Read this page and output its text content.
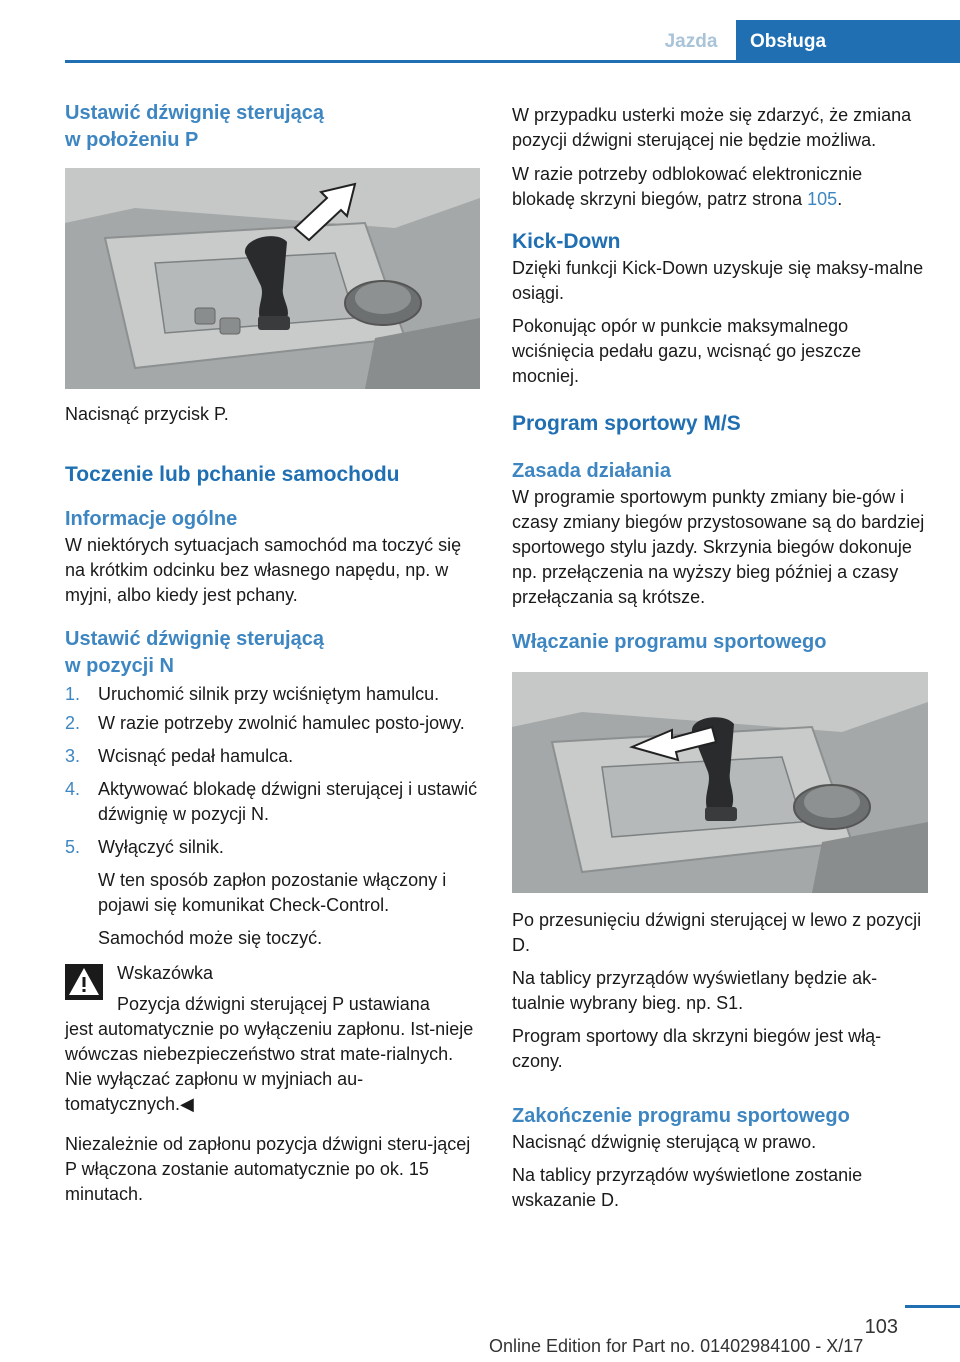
Jazda	Obsługa
Ustawić dźwignię sterującą
w położeniu P

Nacisnąć przycisk P.

Toczenie lub pchanie samochodu
Informacje ogólne

W niektórych sytuacjach samochód ma toczyć się na krótkim odcinku bez własnego napędu, np. w myjni, albo kiedy jest pchany.

Ustawić dźwignię sterującą
w pozycji N
1. Uruchomić silnik przy wciśniętym hamulcu.
2. W razie potrzeby zwolnić hamulec posto-jowy.
3. Wcisnąć pedał hamulca.
4. Aktywować blokadę dźwigni sterującej i ustawić dźwignię w pozycji N.
5. Wyłączyć silnik.
W ten sposób zapłon pozostanie włączony i pojawi się komunikat Check-Control.
Samochód może się toczyć.

Wskazówka

Pozycja dźwigni sterującej P ustawiana

jest automatycznie po wyłączeniu zapłonu. Ist-nieje wówczas niebezpieczeństwo strat mate-rialnych. Nie wyłączać zapłonu w myjniach au-tomatycznych.◀

Niezależnie od zapłonu pozycja dźwigni steru-jącej P włączona zostanie automatycznie po ok. 15 minutach.

W przypadku usterki może się zdarzyć, że zmiana pozycji dźwigni sterującej nie będzie możliwa.

W razie potrzeby odblokować elektronicznie blokadę skrzyni biegów, patrz strona 105.

Kick-Down

Dzięki funkcji Kick-Down uzyskuje się maksy-malne osiągi.

Pokonując opór w punkcie maksymalnego wciśnięcia pedału gazu, wcisnąć go jeszcze mocniej.

Program sportowy M/S
Zasada działania

W programie sportowym punkty zmiany bie-gów i czasy zmiany biegów przystosowane są do bardziej sportowego stylu jazdy. Skrzynia biegów dokonuje np. przełączenia na wyższy bieg później a czasy przełączania są krótsze.

Włączanie programu sportowego

Po przesunięciu dźwigni sterującej w lewo z pozycji D.

Na tablicy przyrządów wyświetlany będzie ak-tualnie wybrany bieg. np. S1.

Program sportowy dla skrzyni biegów jest włą-czony.

Zakończenie programu sportowego

Nacisnąć dźwignię sterującą w prawo.

Na tablicy przyrządów wyświetlone zostanie wskazanie D.

103
Online Edition for Part no. 01402984100 - X/17
